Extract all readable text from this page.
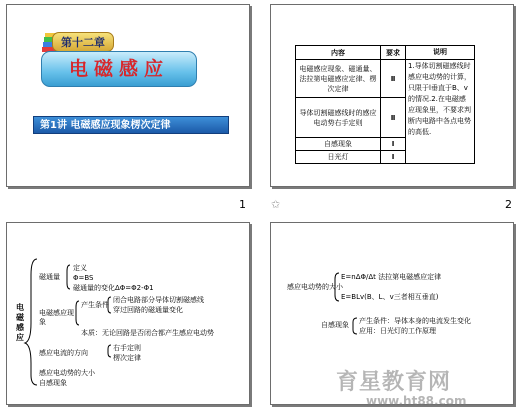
第十二章
电磁感应
第1讲 电磁感应现象楞次定律
1
内容	要求	说明
电磁感应现象、磁通量、法拉第电磁感应定律、楞次定律	Ⅱ	1.导体切割磁感线时感应电动势的计算，只限于l垂直于B、v的情况.2.在电磁感应现象里，不要求判断内电路中各点电势的高低.
导体切割磁感线时的感应电动势右手定则	Ⅱ	
自感现象	Ⅰ	
日光灯	Ⅰ	
✩	2
电磁感应
磁通量
定义
Φ=BS
磁通量的变化ΔΦ=Φ2-Φ1
电磁感应现象
产生条件
闭合电路部分导体切割磁感线
穿过回路的磁通量变化
本质：无论回路是否闭合都产生感应电动势
感应电流的方向
右手定则
楞次定律
感应电动势的大小
自感现象
感应电动势的大小
E=nΔΦ/Δt 法拉第电磁感应定律
E=BLv(B、L、v三者相互垂直)
自感现象 产生条件：导体本身的电流发生变化
应用：日光灯的工作原理
育星教育网
www.ht88.com
